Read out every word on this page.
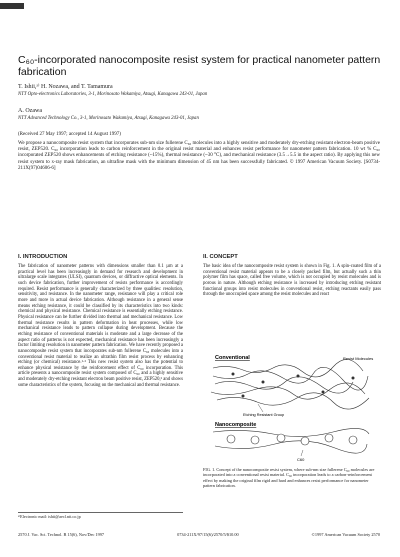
C₆₀-incorporated nanocomposite resist system for practical nanometer pattern fabrication
T. Ishii,ᵃ⁾ H. Nozawa, and T. Tamamura
NTT Opto-electronics Laboratories, 3-1, Morinosato Wakamiya, Atsugi, Kanagawa 243-01, Japan
A. Ozawa
NTT Advanced Technology Co., 3-1, Morinosato Wakamiya, Atsugi, Kanagawa 243-01, Japan
(Received 27 May 1997; accepted 14 August 1997)
We propose a nanocomposite resist system that incorporates sub-nm size fullerene C₆₀ molecules into a highly sensitive and moderately dry-etching resistant electron-beam positive resist, ZEP520. C₆₀ incorporation leads to carbon reinforcement in the original resist material and enhances resist performance for nanometer pattern fabrication. 10 wt % C₆₀ incorporated ZEP520 shows enhancements of etching resistance (~15%), thermal resistance (~30 °C), and mechanical resistance (3.5→5.5 in the aspect ratio). By applying this new resist system to x-ray mask fabrication, an ultrafine mask with the minimum dimension of 45 nm has been successfully fabricated. © 1997 American Vacuum Society. [S0734-211X(97)04606-6]
I. INTRODUCTION
The fabrication of nanometer patterns with dimensions smaller than 0.1 µm at a practical level has been increasingly in demand for research and development in ultralarge scale integrates (ULSI), quantum devices, or diffractive optical elements. In such device fabrication, further improvement of resists performance is accordingly required. Resist performance is generally characterized by three qualities: resolution, sensitivity, and resistance. In the nanometer range, resistance will play a critical role more and more in actual device fabrication. Although resistance in a general sense means etching resistance, it could be classified by its characteristics into two kinds: chemical and physical resistance. Chemical resistance is essentially etching resistance. Physical resistance can be further divided into thermal and mechanical resistance. Low thermal resistance results in pattern deformation in heat processes, while low mechanical resistance leads to pattern collapse during development. Because the etching resistance of conventional materials is moderate and a large decrease of the aspect ratio of patterns is not expected, mechanical resistance has been increasingly a factor limiting resolution in nanometer pattern fabrication. We have recently proposed a nanocomposite resist system that incorporates sub-nm fullerene C₆₀ molecules into a conventional resist material to realize an ultrathin film resist process by enhancing etching (or chemical) resistance.¹·² This new resist system also has the potential to enhance physical resistance by the reinforcement effect of C₆₀ incorporation. This article presents a nanocomposite resist system composed of C₆₀ and a highly sensitive and moderately dry-etching resistant electron beam positive resist, ZEP520,³ and shows some characteristics of the system, focusing on the mechanical and thermal resistance.
II. CONCEPT
The basic idea of the nanocomposite resist system is shown in Fig. 1. A spin-coated film of a conventional resist material appears to be a closely packed film, but actually such a thin polymer film has space, called free volume, which is not occupied by resist molecules and is porous in nature. Although etching resistance is increased by introducing etching resistant functional groups into resist molecules in conventional resist, etching reactants easily pass through the unoccupied space among the resist molecules and react
Conventional	Resist Molecules
Etching Resistant Group
Nanocomposite
C60
FIG. 1. Concept of the nanocomposite resist system, where sub-nm size fullerene C₆₀ molecules are incorporated into a conventional resist material. C₆₀ incorporation leads to a carbon-reinforcement effect by making the original film rigid and hard and enhances resist performance for nanometer pattern fabrication.
ᵃ⁾Electronic mail: ishii@aecl.ntt.co.jp
2570 J. Vac. Sci. Technol. B 15(6), Nov/Dec 1997	0734-211X/97/15(6)/2570/5/$10.00	©1997 American Vacuum Society 2570
